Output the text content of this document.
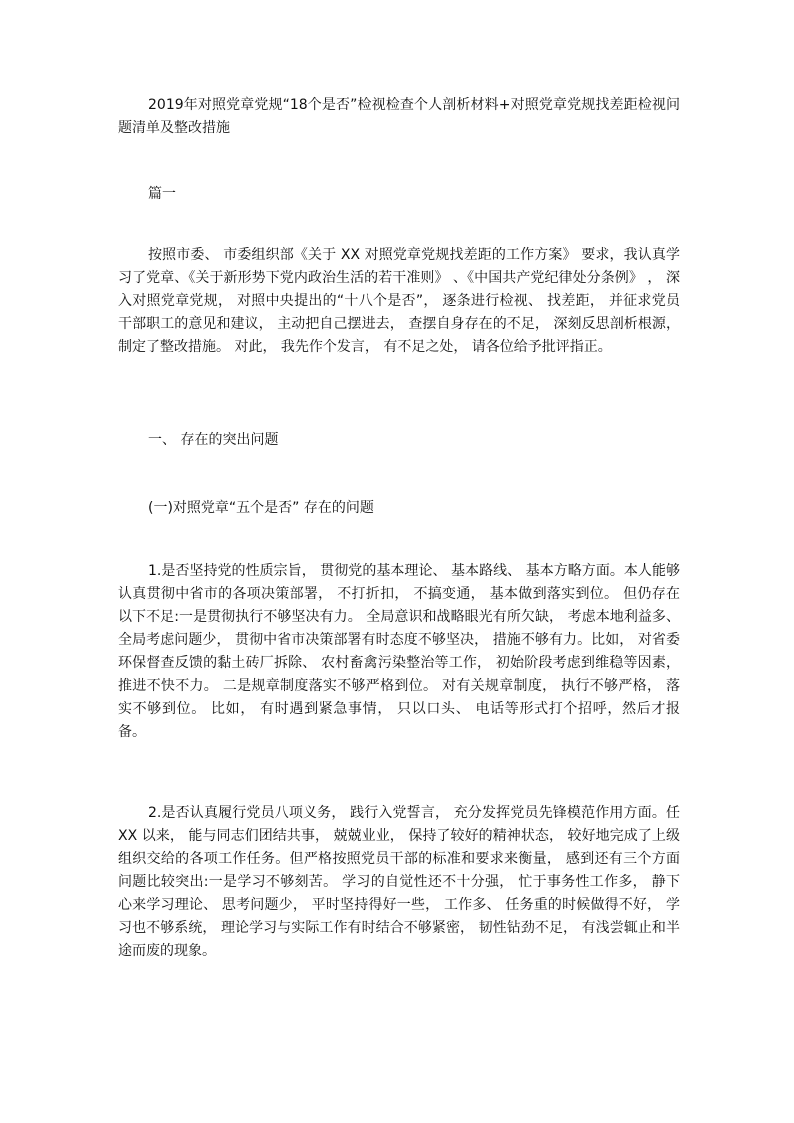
2019年对照党章党规“18个是否”检视检查个人剖析材料+对照党章党规找差距检视问题清单及整改措施
篇一
按照市委、 市委组织部《关于 XX 对照党章党规找差距的工作方案》 要求，我认真学习了党章、《关于新形势下党内政治生活的若干准则》 、《中国共产党纪律处分条例》 ， 深入对照党章党规， 对照中央提出的“十八个是否”， 逐条进行检视、 找差距， 并征求党员干部职工的意见和建议， 主动把自己摆进去， 查摆自身存在的不足， 深刻反思剖析根源，制定了整改措施。 对此， 我先作个发言， 有不足之处， 请各位给予批评指正。
一、 存在的突出问题
(一)对照党章“五个是否” 存在的问题
1.是否坚持党的性质宗旨， 贯彻党的基本理论、 基本路线、 基本方略方面。本人能够认真贯彻中省市的各项决策部署， 不打折扣， 不搞变通， 基本做到落实到位。 但仍存在以下不足:一是贯彻执行不够坚决有力。 全局意识和战略眼光有所欠缺， 考虑本地利益多、 全局考虑问题少， 贯彻中省市决策部署有时态度不够坚决， 措施不够有力。比如， 对省委环保督查反馈的黏土砖厂拆除、 农村畜禽污染整治等工作， 初始阶段考虑到维稳等因素， 推进不快不力。 二是规章制度落实不够严格到位。 对有关规章制度， 执行不够严格， 落实不够到位。 比如， 有时遇到紧急事情， 只以口头、 电话等形式打个招呼，然后才报备。
2.是否认真履行党员八项义务， 践行入党誓言， 充分发挥党员先锋模范作用方面。任 XX 以来， 能与同志们团结共事， 兢兢业业， 保持了较好的精神状态， 较好地完成了上级组织交给的各项工作任务。但严格按照党员干部的标准和要求来衡量， 感到还有三个方面问题比较突出:一是学习不够刻苦。 学习的自觉性还不十分强， 忙于事务性工作多， 静下心来学习理论、 思考问题少， 平时坚持得好一些， 工作多、 任务重的时候做得不好， 学习也不够系统， 理论学习与实际工作有时结合不够紧密， 韧性钻劲不足， 有浅尝辄止和半途而废的现象。
